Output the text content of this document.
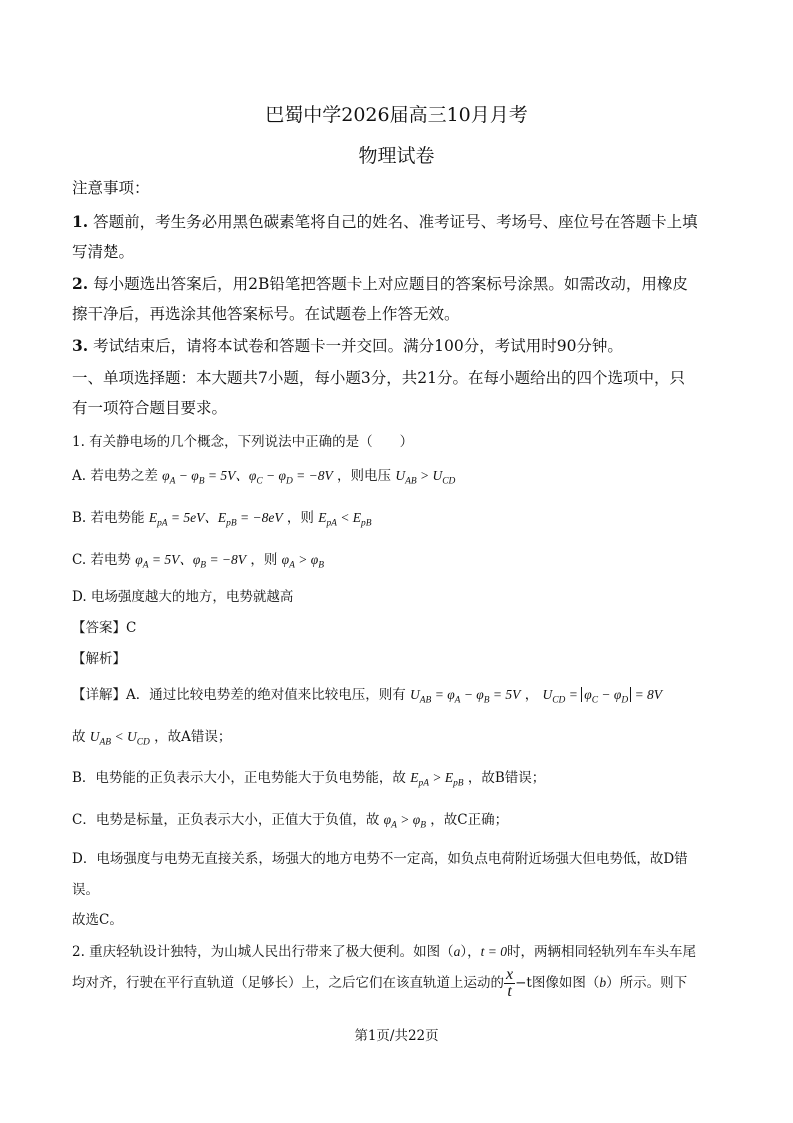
巴蜀中学2026届高三10月月考
物理试卷
注意事项：
1. 答题前，考生务必用黑色碳素笔将自己的姓名、准考证号、考场号、座位号在答题卡上填
写清楚。
2. 每小题选出答案后，用2B铅笔把答题卡上对应题目的答案标号涂黑。如需改动，用橡皮
擦干净后，再选涂其他答案标号。在试题卷上作答无效。
3. 考试结束后，请将本试卷和答题卡一并交回。满分100分，考试用时90分钟。
一、单项选择题：本大题共7小题，每小题3分，共21分。在每小题给出的四个选项中，只
有一项符合题目要求。
1. 有关静电场的几个概念，下列说法中正确的是（　　）
A. 若电势之差 $\varphi_A - \varphi_B = 5V$、$\varphi_C - \varphi_D = -8V$ ，则电压 $U_{AB} > U_{CD}$
B. 若电势能 $E_{pA} = 5eV$、$E_{pB} = -8eV$ ，则 $E_{pA} < E_{pB}$
C. 若电势 $\varphi_A = 5V$、$\varphi_B = -8V$ ，则 $\varphi_A > \varphi_B$
D. 电场强度越大的地方，电势就越高
【答案】C
【解析】
【详解】A．通过比较电势差的绝对值来比较电压，则有 $U_{AB} = \varphi_A - \varphi_B = 5V$ ， $U_{CD} = \varphi_C - \varphi_D = 8V$
故 $U_{AB} < U_{CD}$ ，故A错误；
B．电势能的正负表示大小，正电势能大于负电势能，故 $E_{pA} > E_{pB}$ ，故B错误；
C．电势是标量，正负表示大小，正值大于负值，故 $\varphi_A > \varphi_B$ ，故C正确；
D．电场强度与电势无直接关系，场强大的地方电势不一定高，如负点电荷附近场强大但电势低，故D错
误。
故选C。
2. 重庆轻轨设计独特，为山城人民出行带来了极大便利。如图（a），t = 0时，两辆相同轻轨列车车头车尾
均对齐，行驶在平行直轨道（足够长）上，之后它们在该直轨道上运动的 $\frac{x}{t} -t$图像如图（b）所示。则下
第1页/共22页
